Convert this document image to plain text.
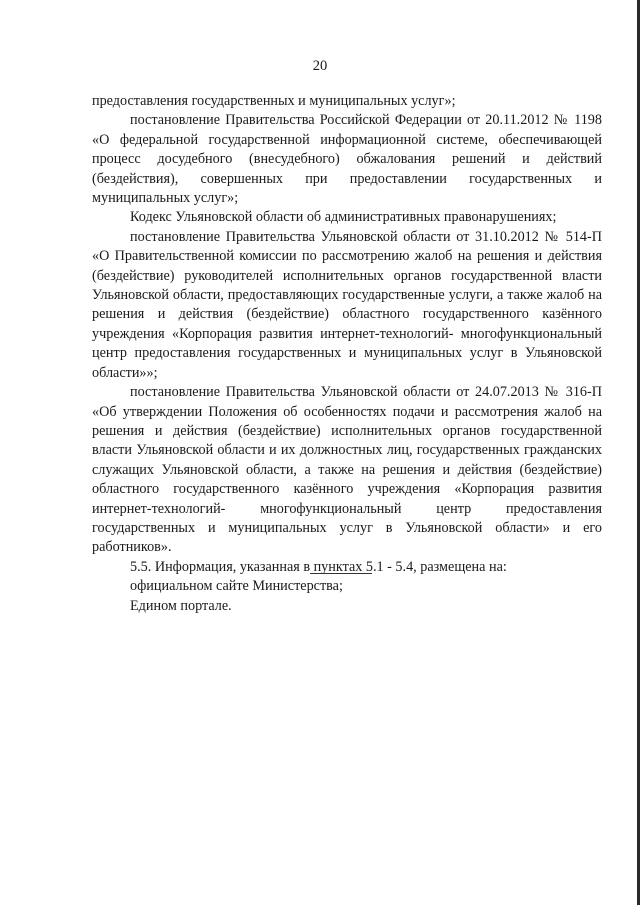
20

предоставления государственных и муниципальных услуг»;

постановление Правительства Российской Федерации от 20.11.2012 № 1198 «О федеральной государственной информационной системе, обеспечивающей процесс досудебного (внесудебного) обжалования решений и действий (бездействия), совершенных при предоставлении государственных и муниципальных услуг»;

Кодекс Ульяновской области об административных правонарушениях;

постановление Правительства Ульяновской области от 31.10.2012 № 514-П «О Правительственной комиссии по рассмотрению жалоб на решения и действия (бездействие) руководителей исполнительных органов государственной власти Ульяновской области, предоставляющих государственные услуги, а также жалоб на решения и действия (бездействие) областного государственного казённого учреждения «Корпорация развития интернет-технологий- многофункциональный центр предоставления государственных и муниципальных услуг в Ульяновской области»»;

постановление Правительства Ульяновской области от 24.07.2013 № 316-П «Об утверждении Положения об особенностях подачи и рассмотрения жалоб на решения и действия (бездействие) исполнительных органов государственной власти Ульяновской области и их должностных лиц, государственных гражданских служащих Ульяновской области, а также на решения и действия (бездействие) областного государственного казённого учреждения «Корпорация развития интернет-технологий- многофункциональный центр предоставления государственных и муниципальных услуг в Ульяновской области» и его работников».

5.5. Информация, указанная в пунктах 5.1 - 5.4, размещена на:

официальном сайте Министерства;

Едином портале.
